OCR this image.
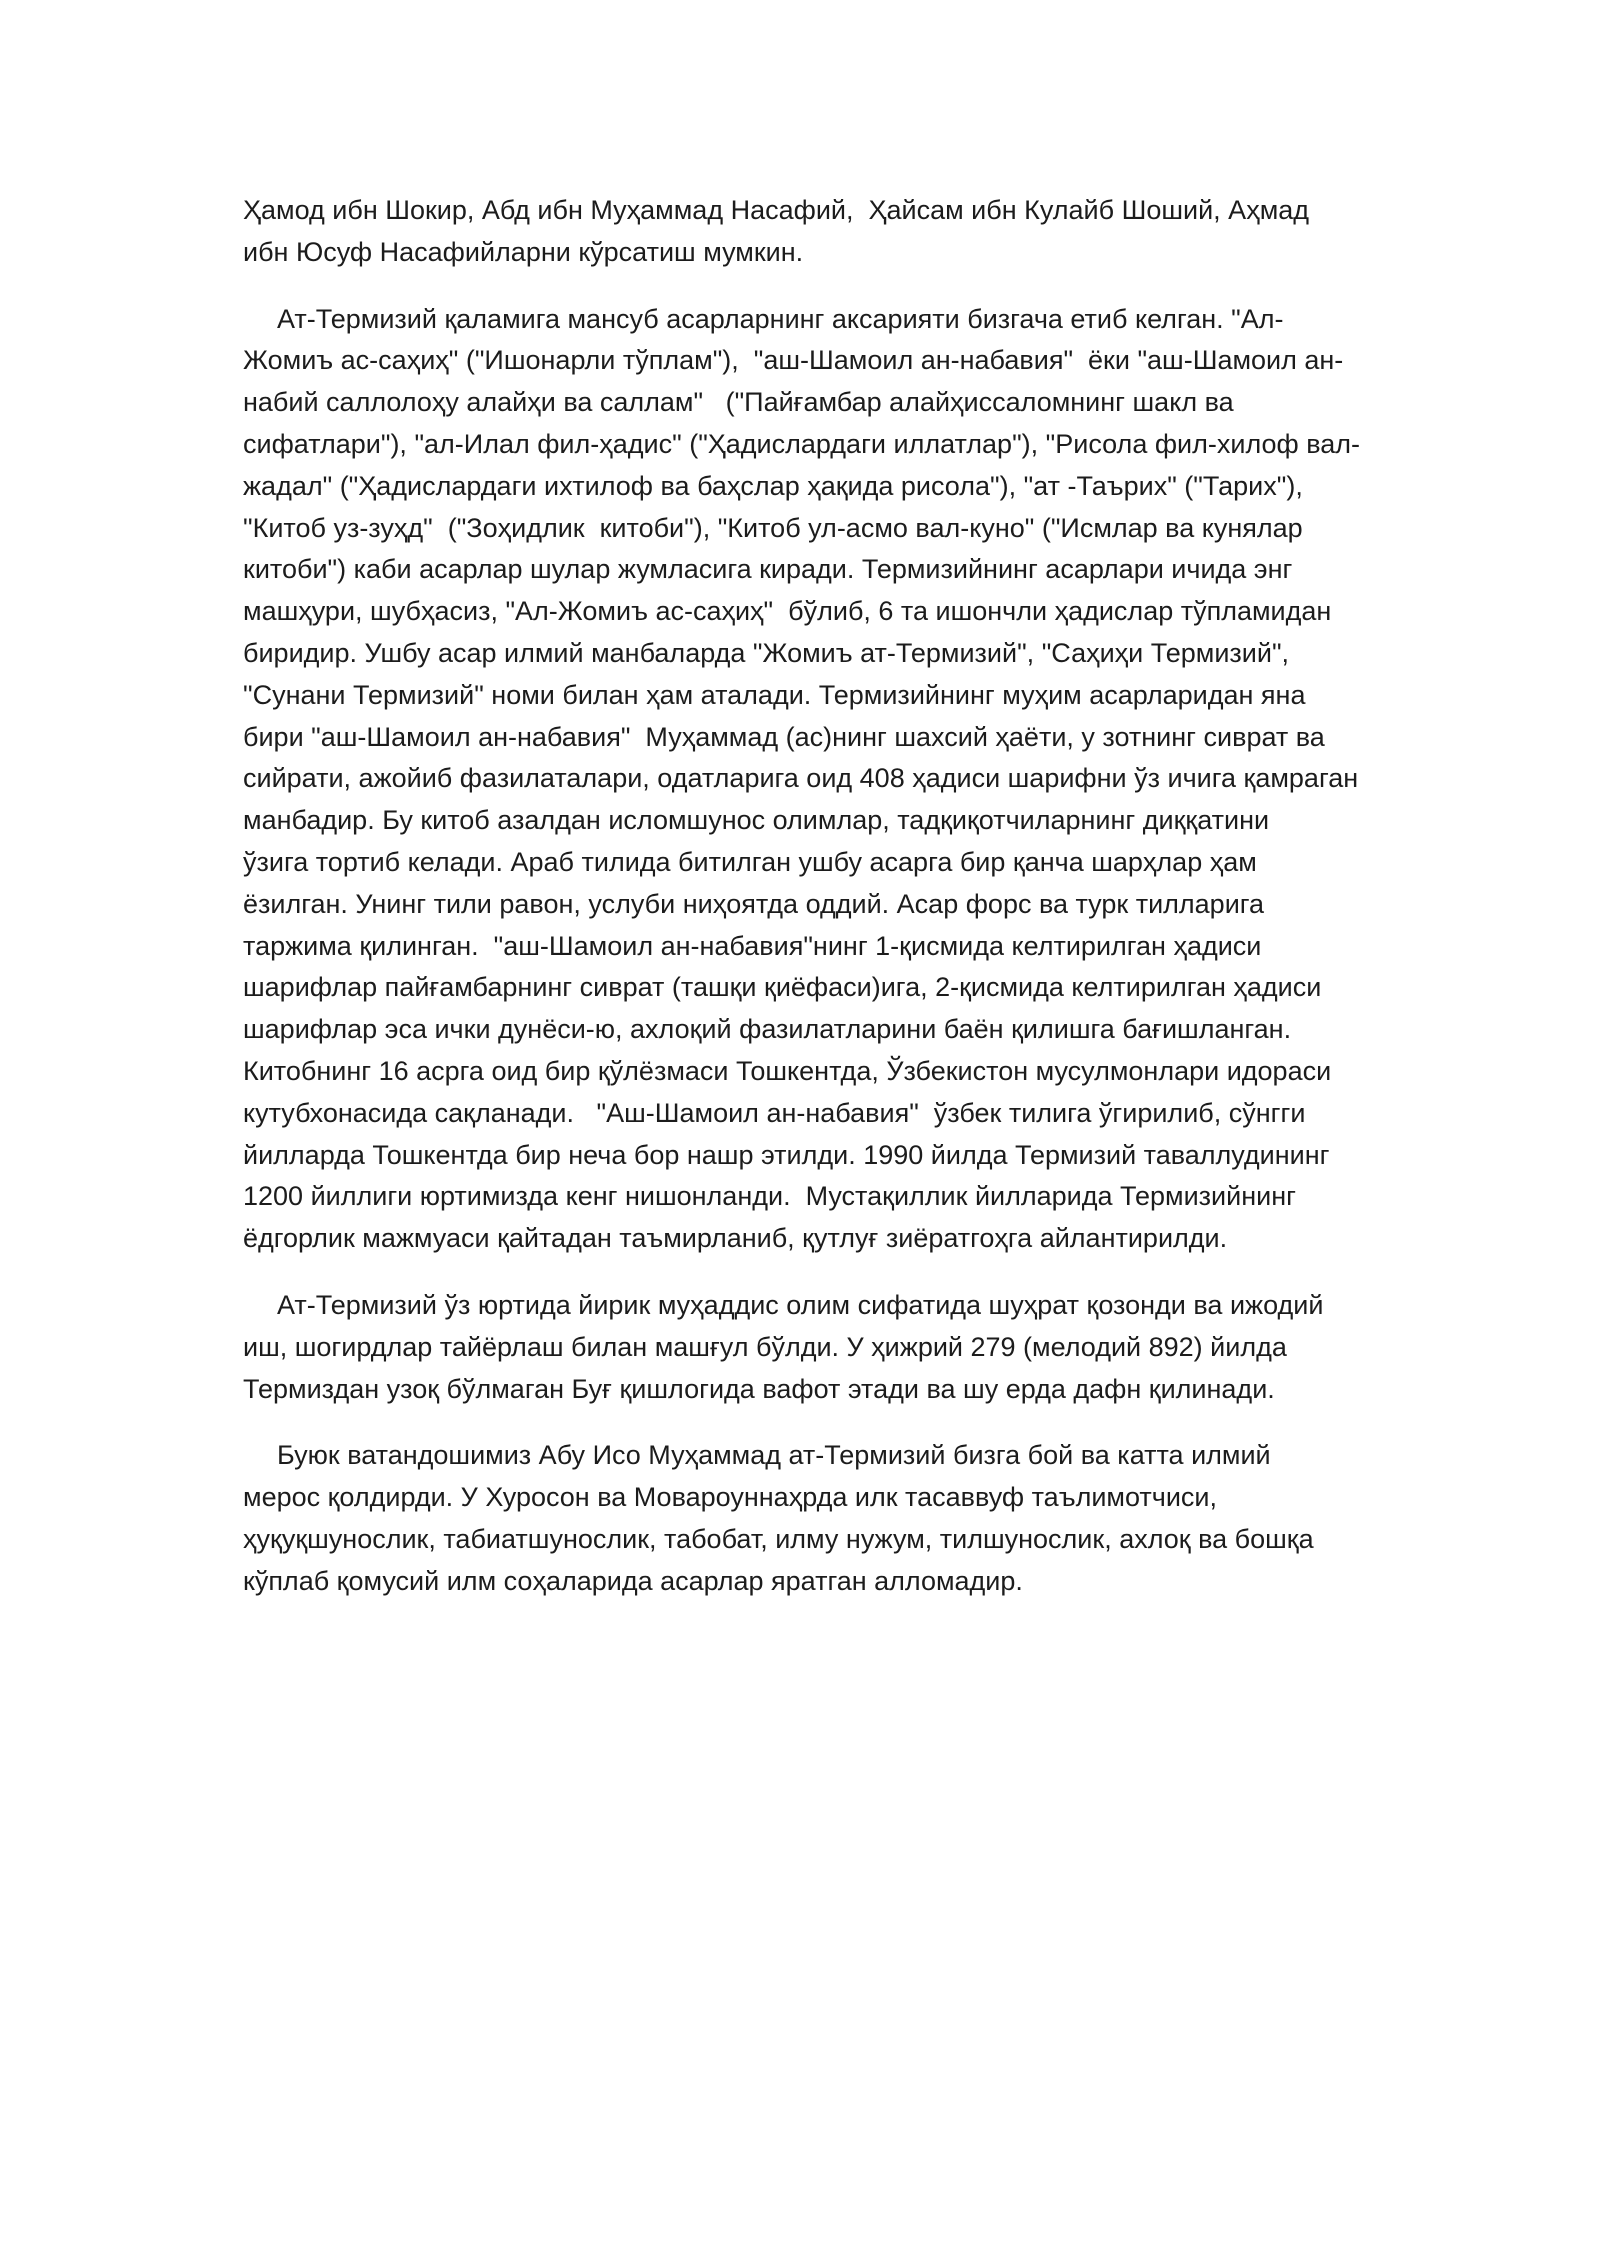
Ҳамод ибн Шокир, Абд ибн Муҳаммад Насафий,  Ҳайсам ибн Кулайб Шоший, Аҳмад
ибн Юсуф Насафийларни кўрсатиш мумкин.

Ат-Термизий қаламига мансуб асарларнинг аксарияти бизгача етиб келган. "Ал-
Жомиъ ас-саҳиҳ" ("Ишонарли тўплам"),  "аш-Шамоил ан-набавия"  ёки "аш-Шамоил ан-
набий саллолоҳу алайҳи ва саллам"   ("Пайғамбар алайҳиссаломнинг шакл ва
сифатлари"), "ал-Илал фил-ҳадис" ("Ҳадислардаги иллатлар"), "Рисола фил-хилоф вал-
жадал" ("Ҳадислардаги ихтилоф ва баҳслар ҳақида рисола"), "ат -Таърих" ("Тарих"),
"Китоб уз-зуҳд"  ("Зоҳидлик  китоби"), "Китоб ул-асмо вал-куно" ("Исмлар ва кунялар
китоби") каби асарлар шулар жумласига киради. Термизийнинг асарлари ичида энг
машҳури, шубҳасиз, "Ал-Жомиъ ас-саҳиҳ"  бўлиб, 6 та ишончли ҳадислар тўпламидан
биридир. Ушбу асар илмий манбаларда "Жомиъ ат-Термизий", "Саҳиҳи Термизий",
"Сунани Термизий" номи билан ҳам аталади. Термизийнинг муҳим асарларидан яна
бири "аш-Шамоил ан-набавия"  Муҳаммад (ас)нинг шахсий ҳаёти, у зотнинг сиврат ва
сийрати, ажойиб фазилаталари, одатларига оид 408 ҳадиси шарифни ўз ичига қамраган
манбадир. Бу китоб азалдан исломшунос олимлар, тадқиқотчиларнинг диққатини
ўзига тортиб келади. Араб тилида битилган ушбу асарга бир қанча шарҳлар ҳам
ёзилган. Унинг тили равон, услуби ниҳоятда оддий. Асар форс ва турк тилларига
таржима қилинган.  "аш-Шамоил ан-набавия"нинг 1-қисмида келтирилган ҳадиси
шарифлар пайғамбарнинг сиврат (ташқи қиёфаси)ига, 2-қисмида келтирилган ҳадиси
шарифлар эса ички дунёси-ю, ахлоқий фазилатларини баён қилишга бағишланган.
Китобнинг 16 асрга оид бир қўлёзмаси Тошкентда, Ўзбекистон мусулмонлари идораси
кутубхонасида сақланади.   "Аш-Шамоил ан-набавия"  ўзбек тилига ўгирилиб, сўнгги
йилларда Тошкентда бир неча бор нашр этилди. 1990 йилда Термизий таваллудининг
1200 йиллиги юртимизда кенг нишонланди.  Мустақиллик йилларида Термизийнинг
ёдгорлик мажмуаси қайтадан таъмирланиб, қутлуғ зиёратгоҳга айлантирилди.

Ат-Термизий ўз юртида йирик муҳаддис олим сифатида шуҳрат қозонди ва ижодий
иш, шогирдлар тайёрлаш билан машғул бўлди. У ҳижрий 279 (мелодий 892) йилда
Термиздан узоқ бўлмаган Буғ қишлогида вафот этади ва шу ерда дафн қилинади.

Буюк ватандошимиз Абу Исо Муҳаммад ат-Термизий бизга бой ва катта илмий
мерос қолдирди. У Хуросон ва Мовароуннаҳрда илк тасаввуф таълимотчиси,
ҳуқуқшунослик, табиатшунослик, табобат, илму нужум, тилшунослик, ахлоқ ва бошқа
кўплаб қомусий илм соҳаларида асарлар яратган алломадир.
